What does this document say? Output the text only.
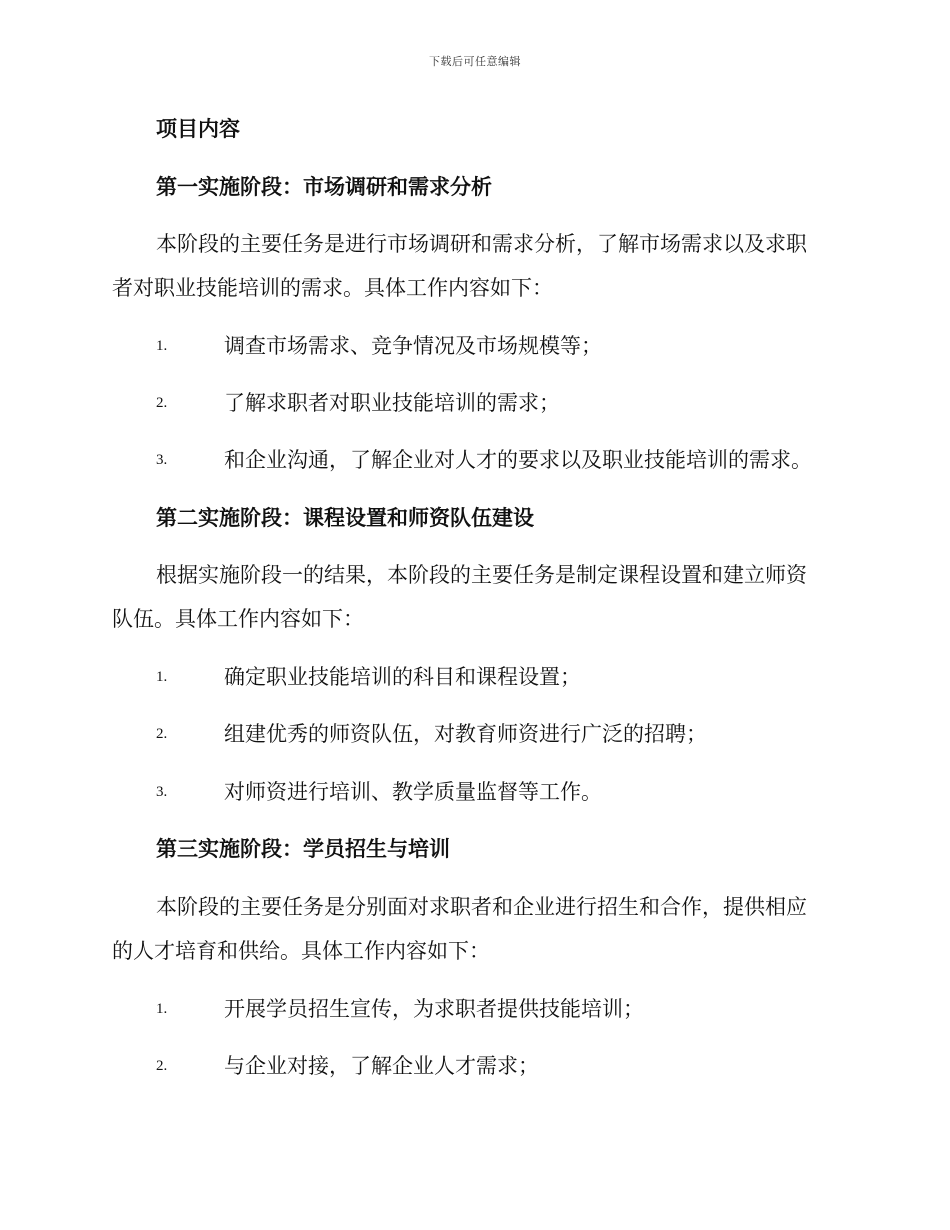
下载后可任意编辑
项目内容
第一实施阶段：市场调研和需求分析
本阶段的主要任务是进行市场调研和需求分析，了解市场需求以及求职
者对职业技能培训的需求。具体工作内容如下：
1.	调查市场需求、竞争情况及市场规模等；
2.	了解求职者对职业技能培训的需求；
3.	和企业沟通，了解企业对人才的要求以及职业技能培训的需求。
第二实施阶段：课程设置和师资队伍建设
根据实施阶段一的结果，本阶段的主要任务是制定课程设置和建立师资
队伍。具体工作内容如下：
1.	确定职业技能培训的科目和课程设置；
2.	组建优秀的师资队伍，对教育师资进行广泛的招聘；
3.	对师资进行培训、教学质量监督等工作。
第三实施阶段：学员招生与培训
本阶段的主要任务是分别面对求职者和企业进行招生和合作，提供相应
的人才培育和供给。具体工作内容如下：
1.	开展学员招生宣传，为求职者提供技能培训；
2.	与企业对接，了解企业人才需求；
